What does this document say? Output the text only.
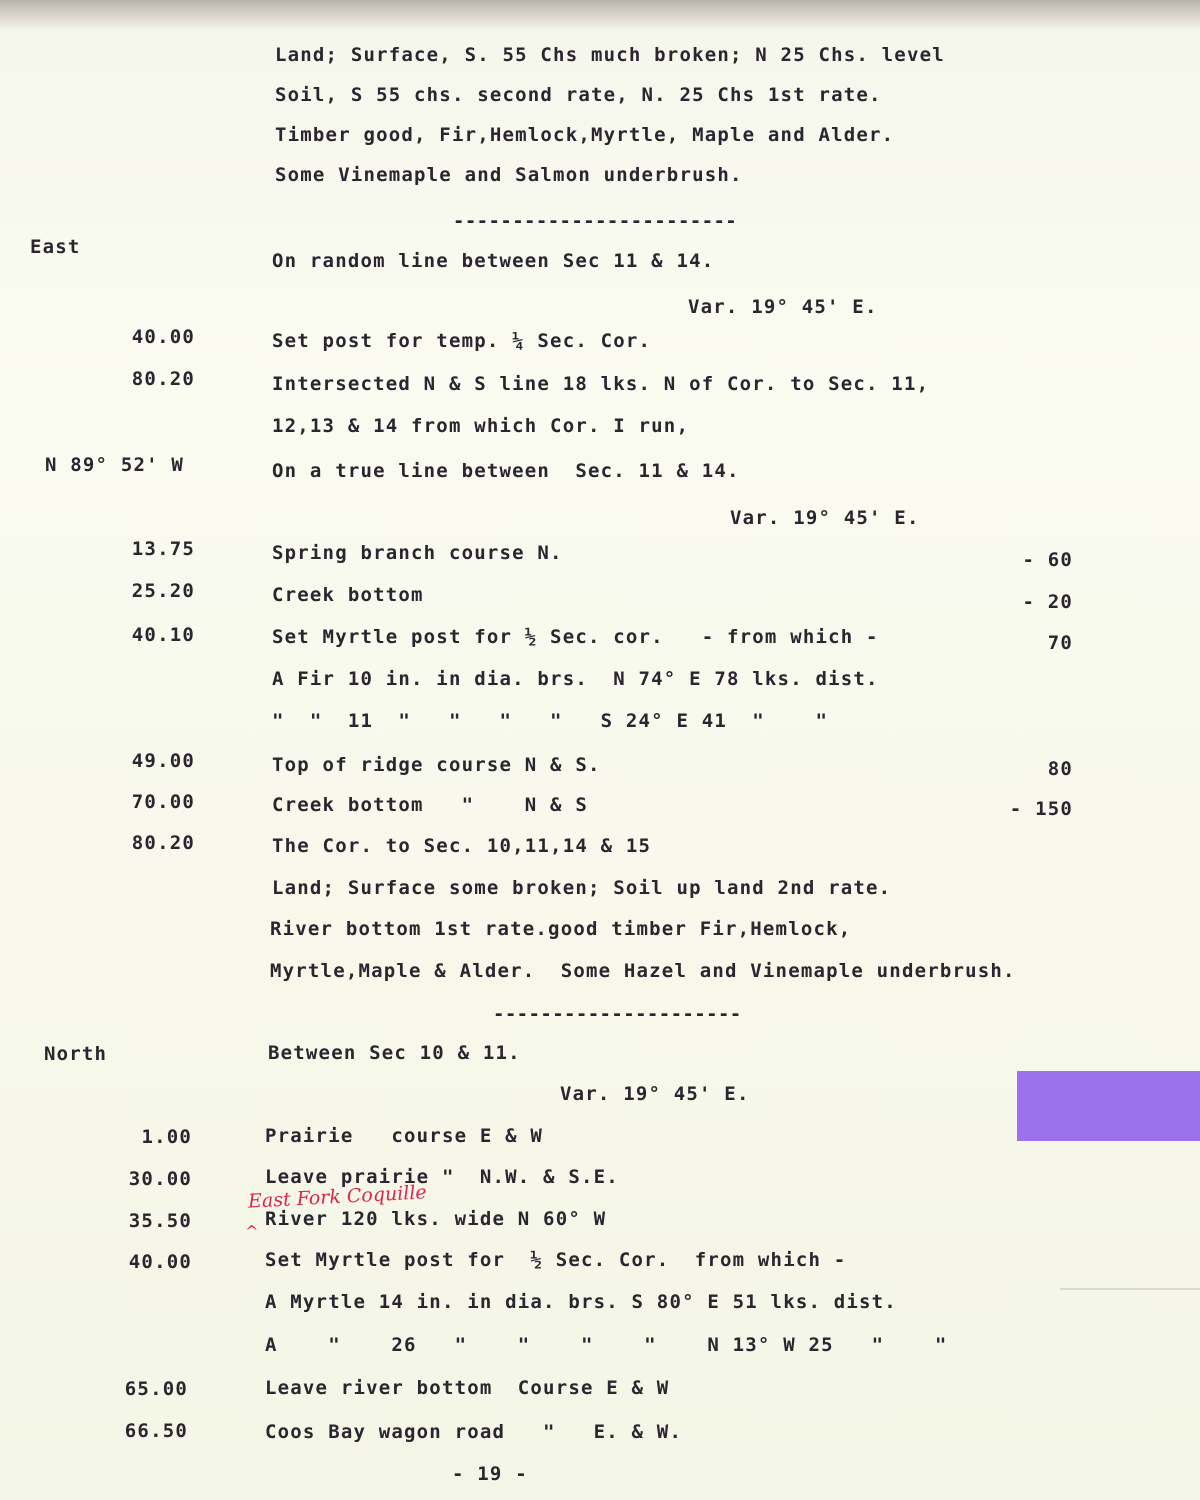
Land; Surface, S. 55 Chs much broken; N 25 Chs. level
Soil, S 55 chs. second rate, N. 25 Chs 1st rate.
Timber good, Fir,Hemlock,Myrtle, Maple and Alder.
Some Vinemaple and Salmon underbrush.
------------------------
East
On random line between Sec 11 & 14.
Var. 19° 45' E.
40.00	Set post for temp. ¼ Sec. Cor.
80.20	Intersected N & S line 18 lks. N of Cor. to Sec. 11,
12,13 & 14 from which Cor. I run,
N 89° 52' W	On a true line between  Sec. 11 & 14.
Var. 19° 45' E.
13.75	Spring branch course N.	- 60
25.20	Creek bottom	- 20
40.10	Set Myrtle post for ½ Sec. cor.   - from which -	70
A Fir 10 in. in dia. brs.  N 74° E 78 lks. dist.
"  "  11  "   "   "   "   S 24° E 41  "    "
49.00	Top of ridge course N & S.	80
70.00	Creek bottom   "    N & S	- 150
80.20	The Cor. to Sec. 10,11,14 & 15
Land; Surface some broken; Soil up land 2nd rate.
River bottom 1st rate.good timber Fir,Hemlock,
Myrtle,Maple & Alder.  Some Hazel and Vinemaple underbrush.
---------------------
North	Between Sec 10 & 11.
Var. 19° 45' E.
1.00	Prairie   course E & W
30.00	Leave prairie "  N.W. & S.E.
East Fork Coquille
^
35.50	River 120 lks. wide N 60° W
40.00	Set Myrtle post for  ½ Sec. Cor.  from which -
A Myrtle 14 in. in dia. brs. S 80° E 51 lks. dist.
A    "    26   "    "    "    "    N 13° W 25   "    "
65.00	Leave river bottom  Course E & W
66.50	Coos Bay wagon road   "   E. & W.
- 19 -
